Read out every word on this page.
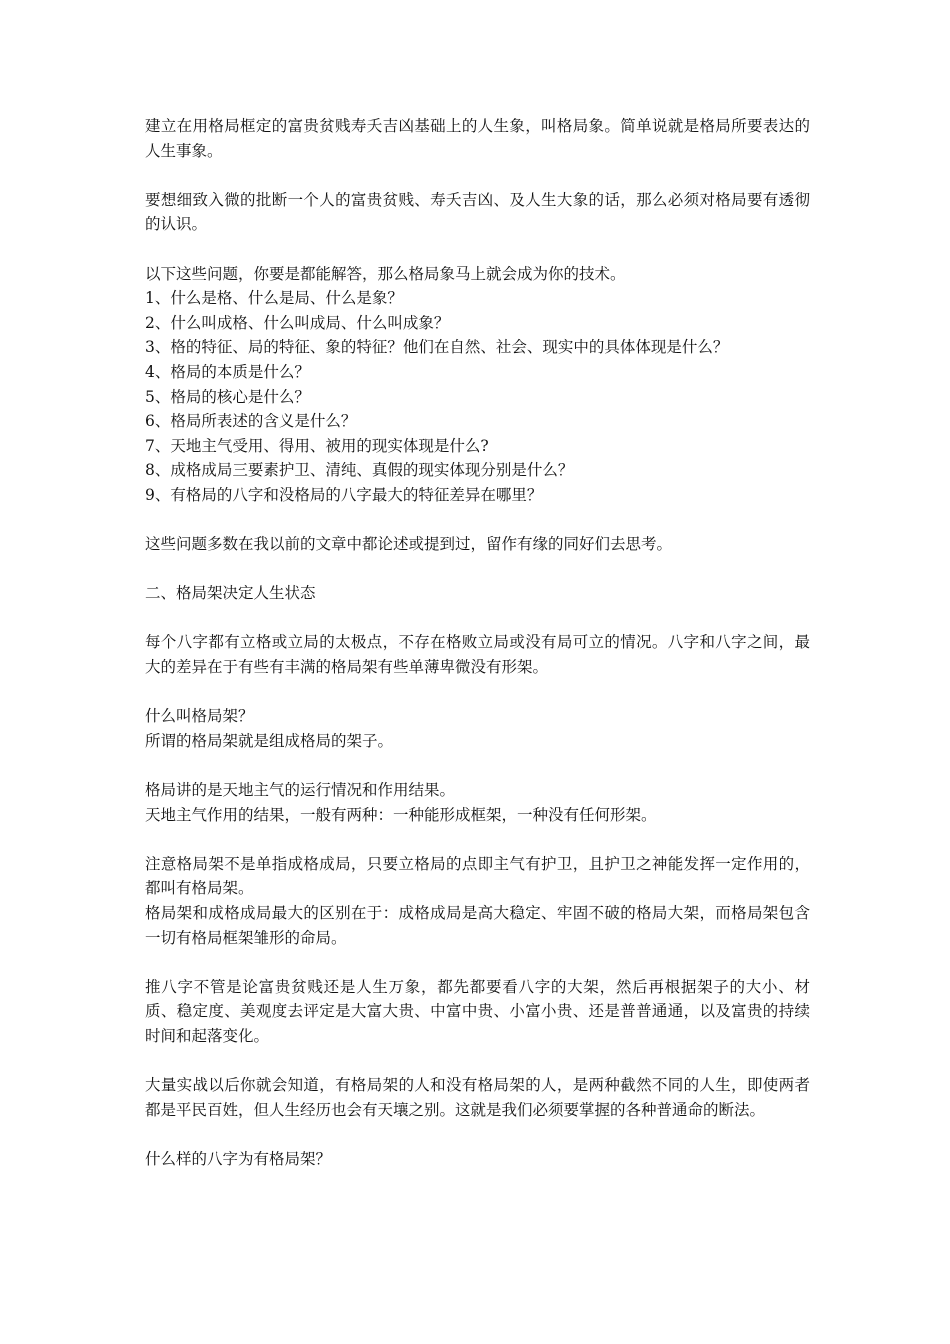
建立在用格局框定的富贵贫贱寿夭吉凶基础上的人生象，叫格局象。简单说就是格局所要表达的人生事象。

要想细致入微的批断一个人的富贵贫贱、寿夭吉凶、及人生大象的话，那么必须对格局要有透彻的认识。

以下这些问题，你要是都能解答，那么格局象马上就会成为你的技术。

1、什么是格、什么是局、什么是象？

2、什么叫成格、什么叫成局、什么叫成象？

3、格的特征、局的特征、象的特征？他们在自然、社会、现实中的具体体现是什么？

4、格局的本质是什么？

5、格局的核心是什么？

6、格局所表述的含义是什么？

7、天地主气受用、得用、被用的现实体现是什么?

8、成格成局三要素护卫、清纯、真假的现实体现分别是什么？

9、有格局的八字和没格局的八字最大的特征差异在哪里？

这些问题多数在我以前的文章中都论述或提到过，留作有缘的同好们去思考。

二、格局架决定人生状态

每个八字都有立格或立局的太极点，不存在格败立局或没有局可立的情况。八字和八字之间，最大的差异在于有些有丰满的格局架有些单薄卑微没有形架。

什么叫格局架？

所谓的格局架就是组成格局的架子。

格局讲的是天地主气的运行情况和作用结果。

天地主气作用的结果，一般有两种：一种能形成框架，一种没有任何形架。

注意格局架不是单指成格成局，只要立格局的点即主气有护卫，且护卫之神能发挥一定作用的，都叫有格局架。

格局架和成格成局最大的区别在于：成格成局是高大稳定、牢固不破的格局大架，而格局架包含一切有格局框架雏形的命局。

推八字不管是论富贵贫贱还是人生万象，都先都要看八字的大架，然后再根据架子的大小、材质、稳定度、美观度去评定是大富大贵、中富中贵、小富小贵、还是普普通通，以及富贵的持续时间和起落变化。

大量实战以后你就会知道，有格局架的人和没有格局架的人，是两种截然不同的人生，即使两者都是平民百姓，但人生经历也会有天壤之别。这就是我们必须要掌握的各种普通命的断法。

什么样的八字为有格局架？
